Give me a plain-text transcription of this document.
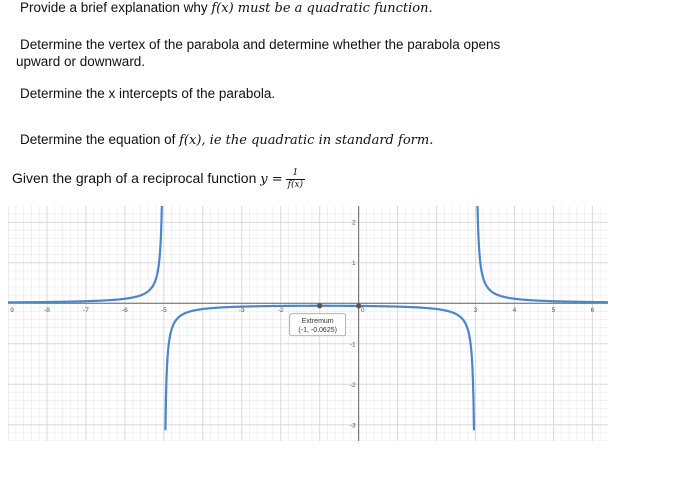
Provide a brief explanation why f(x) must be a quadratic function.
Determine the vertex of the parabola and determine whether the parabola opens
upward or downward.
Determine the x intercepts of the parabola.
Determine the equation of f(x), ie the quadratic in standard form.
Given the graph of a reciprocal function $y = \frac{1}{f(x)}$
-8	-7	-6	-5	-3	-2	0	3	4	5	6
9
2
1
-1
-2
-3
Extremum
(-1, -0.0625)
